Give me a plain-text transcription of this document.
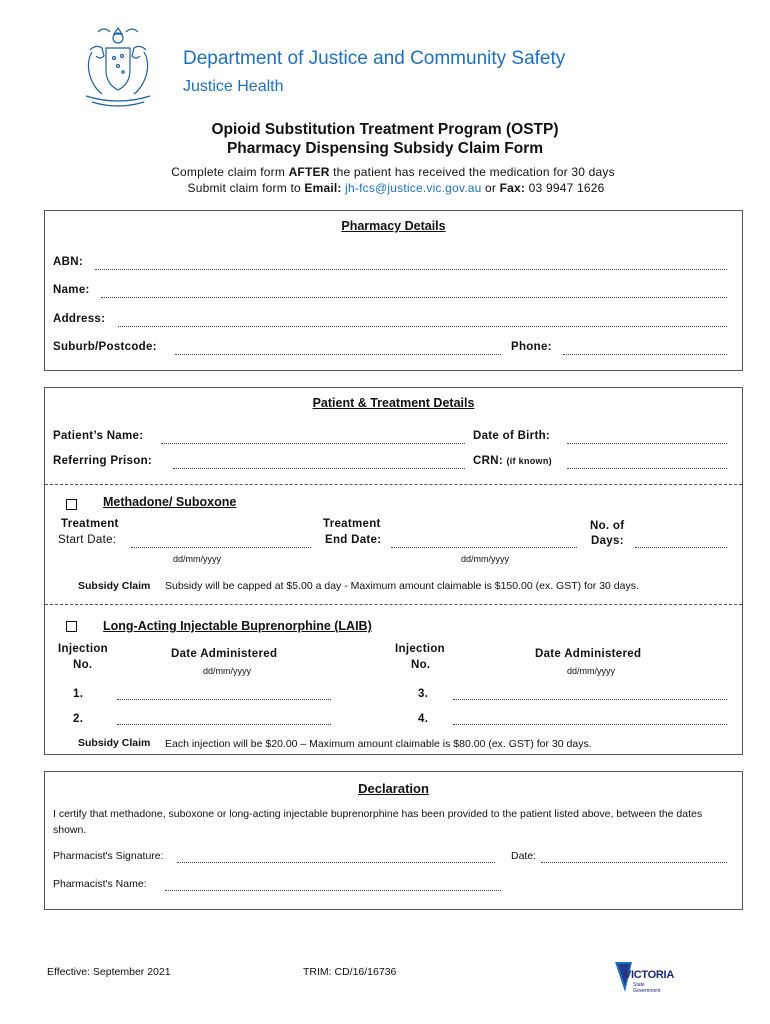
Department of Justice and Community Safety
Justice Health
Opioid Substitution Treatment Program (OSTP)
Pharmacy Dispensing Subsidy Claim Form
Complete claim form AFTER the patient has received the medication for 30 days
Submit claim form to Email: jh-fcs@justice.vic.gov.au or Fax: 03 9947 1626
Pharmacy Details
ABN:
Name:
Address:
Suburb/Postcode:	Phone:
Patient & Treatment Details
Patient’s Name:	Date of Birth:
Referring Prison:	CRN: (if known)
Methadone/ Suboxone
Treatment
Start Date:
dd/mm/yyyy
Treatment
End Date:
dd/mm/yyyy
No. of
Days:
Subsidy Claim Subsidy will be capped at $5.00 a day - Maximum amount claimable is $150.00 (ex. GST) for 30 days.
Long-Acting Injectable Buprenorphine (LAIB)
Injection
No.
Date Administered
dd/mm/yyyy
Injection
No.
Date Administered
dd/mm/yyyy
1.	3.
2.	4.
Subsidy Claim Each injection will be $20.00 – Maximum amount claimable is $80.00 (ex. GST) for 30 days.
Declaration
I certify that methadone, suboxone or long-acting injectable buprenorphine has been provided to the patient listed above, between the dates shown.
Pharmacist's Signature:	Date:
Pharmacist's Name:
Effective: September 2021	TRIM: CD/16/16736	VICTORIA
State
Government
